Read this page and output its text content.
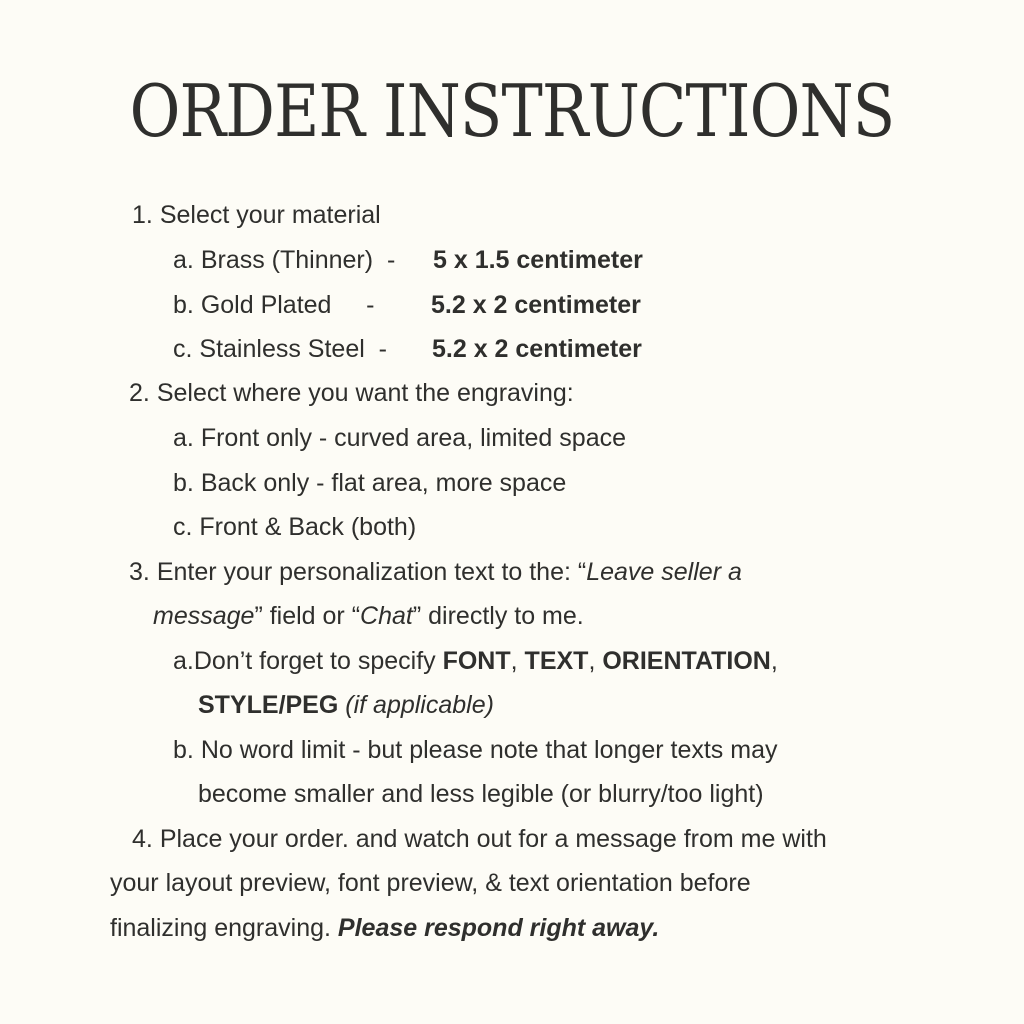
ORDER INSTRUCTIONS
1. Select your material
a. Brass (Thinner)  - 5 x 1.5 centimeter
b. Gold Plated     - 5.2 x 2 centimeter
c. Stainless Steel  - 5.2 x 2 centimeter
2. Select where you want the engraving:
a. Front only - curved area, limited space
b. Back only - flat area, more space
c. Front & Back (both)
3. Enter your personalization text to the: “Leave seller a
message” field or “Chat” directly to me.
a.Don’t forget to specify FONT, TEXT, ORIENTATION,
STYLE/PEG (if applicable)
b. No word limit - but please note that longer texts may
become smaller and less legible (or blurry/too light)
4. Place your order. and watch out for a message from me with
your layout preview, font preview, & text orientation before
finalizing engraving. Please respond right away.
